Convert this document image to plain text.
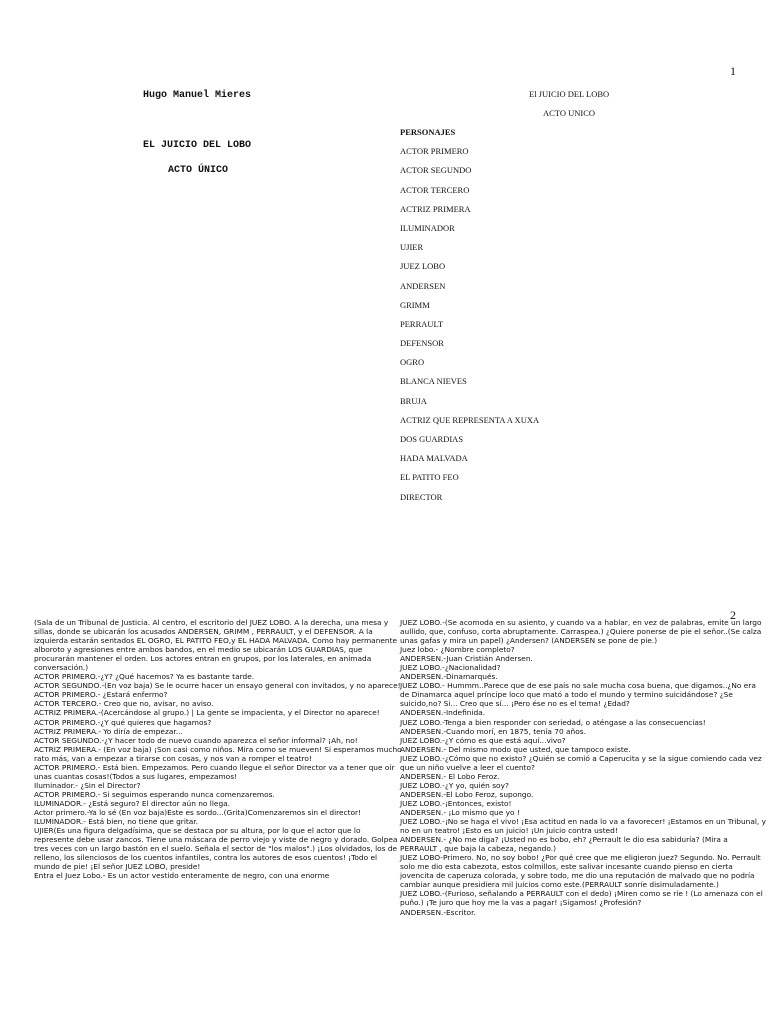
1
Hugo Manuel Mieres
EL JUICIO DEL LOBO
ACTO ÚNICO
El JUICIO DEL LOBO
ACTO UNICO
PERSONAJES
ACTOR PRIMERO
ACTOR SEGUNDO
ACTOR TERCERO
ACTRIZ PRIMERA
ILUMINADOR
UJIER
JUEZ LOBO
ANDERSEN
GRIMM
PERRAULT
DEFENSOR
OGRO
BLANCA NIEVES
BRUJA
ACTRIZ QUE REPRESENTA A XUXA
DOS GUARDIAS
HADA MALVADA
EL PATITO FEO
DIRECTOR
2
(Sala de un Tribunal de Justicia. Al centro, el escritorio del JUEZ LOBO. A la derecha, una mesa y sillas, donde se ubicarán los acusados ANDERSEN, GRIMM , PERRAULT, y el DEFENSOR. A la izquierda estarán sentados EL OGRO, EL PATITO FEO,y EL HADA MALVADA. Como hay permanente alboroto y agresiones entre ambos bandos, en el medio se ubicarán LOS GUARDIAS, que procurarán mantener el orden. Los actores entran en grupos, por los laterales, en animada conversación.)
ACTOR PRIMERO.-¿Y? ¿Qué hacemos? Ya es bastante tarde.
ACTOR SEGUNDO.-(En voz baja) Se le ocurre hacer un ensayo general con invitados, y no aparece!
ACTOR PRIMERO.- ¿Estará enfermo?
ACTOR TERCERO.- Creo que no, avisar, no aviso.
ACTRIZ PRIMERA.-(Acercándose al grupo.) | La gente se impacienta, y el Director no aparece!
ACTOR PRIMERO.-¿Y qué quieres que hagamos?
ACTRIZ PRIMERA.- Yo diría de empezar...
ACTOR SEGUNDO.-¿Y hacer todo de nuevo cuando aparezca el señor informal? ¡Ah, no!
ACTRIZ PRIMERA.- (En voz baja) ¡Son casi como niños. Mira como se mueven! Si esperamos mucho rato más, van a empezar a tirarse con cosas, y nos van a romper el teatro!
ACTOR PRIMERO.- Está bien. Empezamos. Pero cuando llegue el señor Director va a tener que oír unas cuantas cosas!(Todos a sus lugares, empezamos!
Iluminador.- ¿Sin el Director?
ACTOR PRIMERO.- Si seguimos esperando nunca comenzaremos.
ILUMINADOR.- ¿Está seguro? El director aún no llega.
Actor primero.-Ya lo sé (En voz baja)Este es sordo...(Grita)Comenzaremos sin el director!
ILUMINADOR.- Está bien, no tiene que gritar.
UJIER(Es una figura delgadísima, que se destaca por su altura, por lo que el actor que lo represente debe usar zancos. Tiene una máscara de perro viejo y viste de negro y dorado. Golpea tres veces con un largo bastón en el suelo. Señala el sector de "los malos".) ¡Los olvidados, los de relleno, los silenciosos de los cuentos infantiles, contra los autores de esos cuentos! ¡Todo el mundo de pie! ¡El señor JUEZ LOBO, preside!
Entra el Juez Lobo.- Es un actor vestido enteramente de negro, con una enorme
JUEZ LOBO.-(Se acomoda en su asiento, y cuando va a hablar, en vez de palabras, emite un largo aullido, que, confuso, corta abruptamente. Carraspea.) ¿Quiere ponerse de pie el señor..(Se calza unas gafas y mira un papel) ¿Andersen? (ANDERSEN se pone de pie.)
Juez lobo.- ¿Nombre completo?
ANDERSEN.-Juan Cristián Andersen.
JUEZ LOBO.-¿Nacionalidad?
ANDERSEN.-Dinamarqués.
JUEZ LOBO.- Hummm..Parece que de ese país no sale mucha cosa buena, que digamos..¿No era de Dinamarca aquel príncipe loco que mató a todo el mundo y termino suicidándose? ¿Se suicido,no? Si... Creo que sí... ¡Pero ése no es el tema! ¿Edad?
ANDERSEN.-Indefinida.
JUEZ LOBO.-Tenga a bien responder con seriedad, o aténgase a las consecuencias!
ANDERSEN.-Cuando morí, en 1875, tenía 70 años.
JUEZ LOBO.-¿Y cómo es que está aquí...vivo?
ANDERSEN.- Del mismo modo que usted, que tampoco existe.
JUEZ LOBO.-¿Cómo que no existo? ¿Quién se comió a Caperucita y se la sigue comiendo cada vez que un niño vuelve a leer el cuento?
ANDERSEN.- El Lobo Feroz.
JUEZ LOBO.-¿Y yo, quién soy?
ANDERSEN.-El Lobo Feroz, supongo.
JUEZ LOBO.-¡Entonces, existo!
ANDERSEN.- ¡Lo mismo que yo !
JUEZ LOBO.-¡No se haga el vivo! ¡Esa actitud en nada lo va a favorecer! ¡Estamos en un Tribunal, y no en un teatro! ¡Esto es un juicio! ¡Un juicio contra usted!
ANDERSEN.- ¿No me diga? ¡Usted no es bobo, eh? ¿Perrault le dio esa sabiduría? (Mira a PERRAULT , que baja la cabeza, negando.)
JUEZ LOBO-Primero. No, no soy bobo! ¿Por qué cree que me eligieron juez? Segundo. No. Perrault solo me dio esta cabezota, estos colmillos, este salivar incesante cuando pienso en cierta jovencita de caperuza colorada, y sobre todo, me dio una reputación de malvado que no podría cambiar aunque presidiera mil juicios como este.(PERRAULT sonríe disimuladamente.)
JUEZ LOBO.-(Furioso, señalando a PERRAULT con el dedo) ¡Miren como se ríe ! (Lo amenaza con el puño.) ¡Te juro que hoy me la vas a pagar! ¡Sigamos! ¿Profesión?
ANDERSEN.-Escritor.
